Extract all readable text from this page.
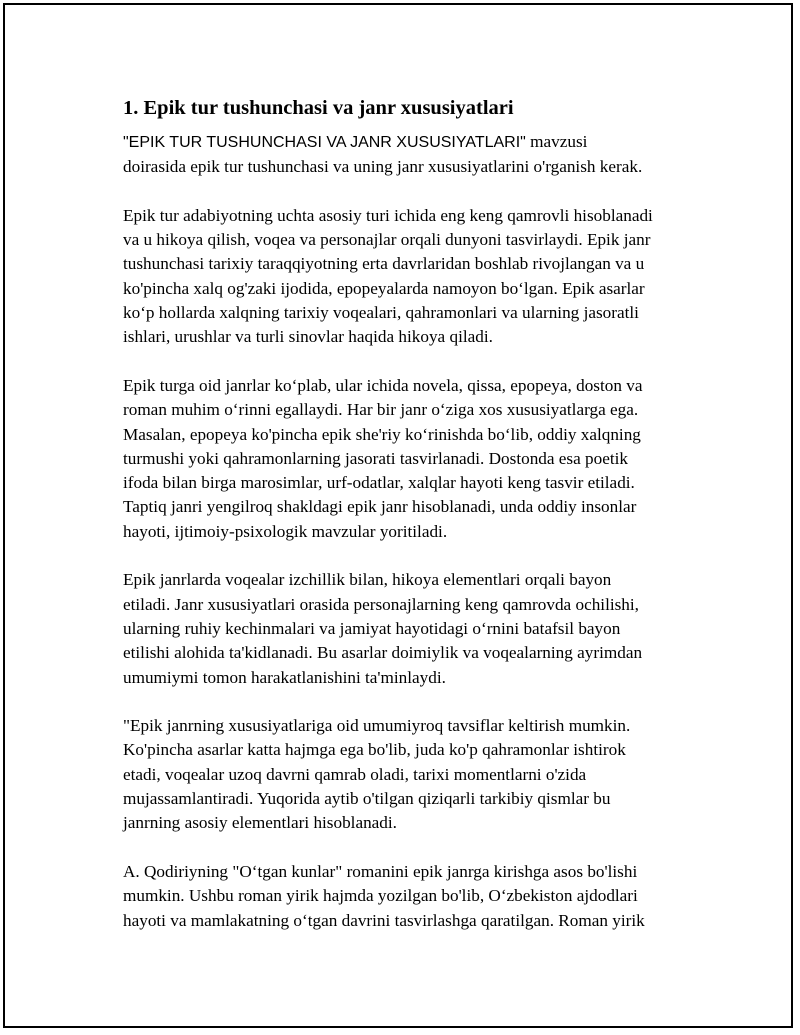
1. Epik tur tushunchasi va janr xususiyatlari
"EPIK TUR TUSHUNCHASI VA JANR XUSUSIYATLARI" mavzusi
doirasida epik tur tushunchasi va uning janr xususiyatlarini o'rganish kerak.
Epik tur adabiyotning uchta asosiy turi ichida eng keng qamrovli hisoblanadi
va u hikoya qilish, voqea va personajlar orqali dunyoni tasvirlaydi. Epik janr
tushunchasi tarixiy taraqqiyotning erta davrlaridan boshlab rivojlangan va u
ko'pincha xalq og'zaki ijodida, epopeyalarda namoyon bo‘lgan. Epik asarlar
ko‘p hollarda xalqning tarixiy voqealari, qahramonlari va ularning jasoratli
ishlari, urushlar va turli sinovlar haqida hikoya qiladi.
Epik turga oid janrlar ko‘plab, ular ichida novela, qissa, epopeya, doston va
roman muhim o‘rinni egallaydi. Har bir janr o‘ziga xos xususiyatlarga ega.
Masalan, epopeya ko'pincha epik she'riy ko‘rinishda bo‘lib, oddiy xalqning
turmushi yoki qahramonlarning jasorati tasvirlanadi. Dostonda esa poetik
ifoda bilan birga marosimlar, urf-odatlar, xalqlar hayoti keng tasvir etiladi.
Taptiq janri yengilroq shakldagi epik janr hisoblanadi, unda oddiy insonlar
hayoti, ijtimoiy-psixologik mavzular yoritiladi.
Epik janrlarda voqealar izchillik bilan, hikoya elementlari orqali bayon
etiladi. Janr xususiyatlari orasida personajlarning keng qamrovda ochilishi,
ularning ruhiy kechinmalari va jamiyat hayotidagi o‘rnini batafsil bayon
etilishi alohida ta'kidlanadi. Bu asarlar doimiylik va voqealarning ayrimdan
umumiymi tomon harakatlanishini ta'minlaydi.
"Epik janrning xususiyatlariga oid umumiyroq tavsiflar keltirish mumkin.
Ko'pincha asarlar katta hajmga ega bo'lib, juda ko'p qahramonlar ishtirok
etadi, voqealar uzoq davrni qamrab oladi, tarixi momentlarni o'zida
mujassamlantiradi. Yuqorida aytib o'tilgan qiziqarli tarkibiy qismlar bu
janrning asosiy elementlari hisoblanadi.
A. Qodiriyning "O‘tgan kunlar" romanini epik janrga kirishga asos bo'lishi
mumkin. Ushbu roman yirik hajmda yozilgan bo'lib, O‘zbekiston ajdodlari
hayoti va mamlakatning o‘tgan davrini tasvirlashga qaratilgan. Roman yirik
